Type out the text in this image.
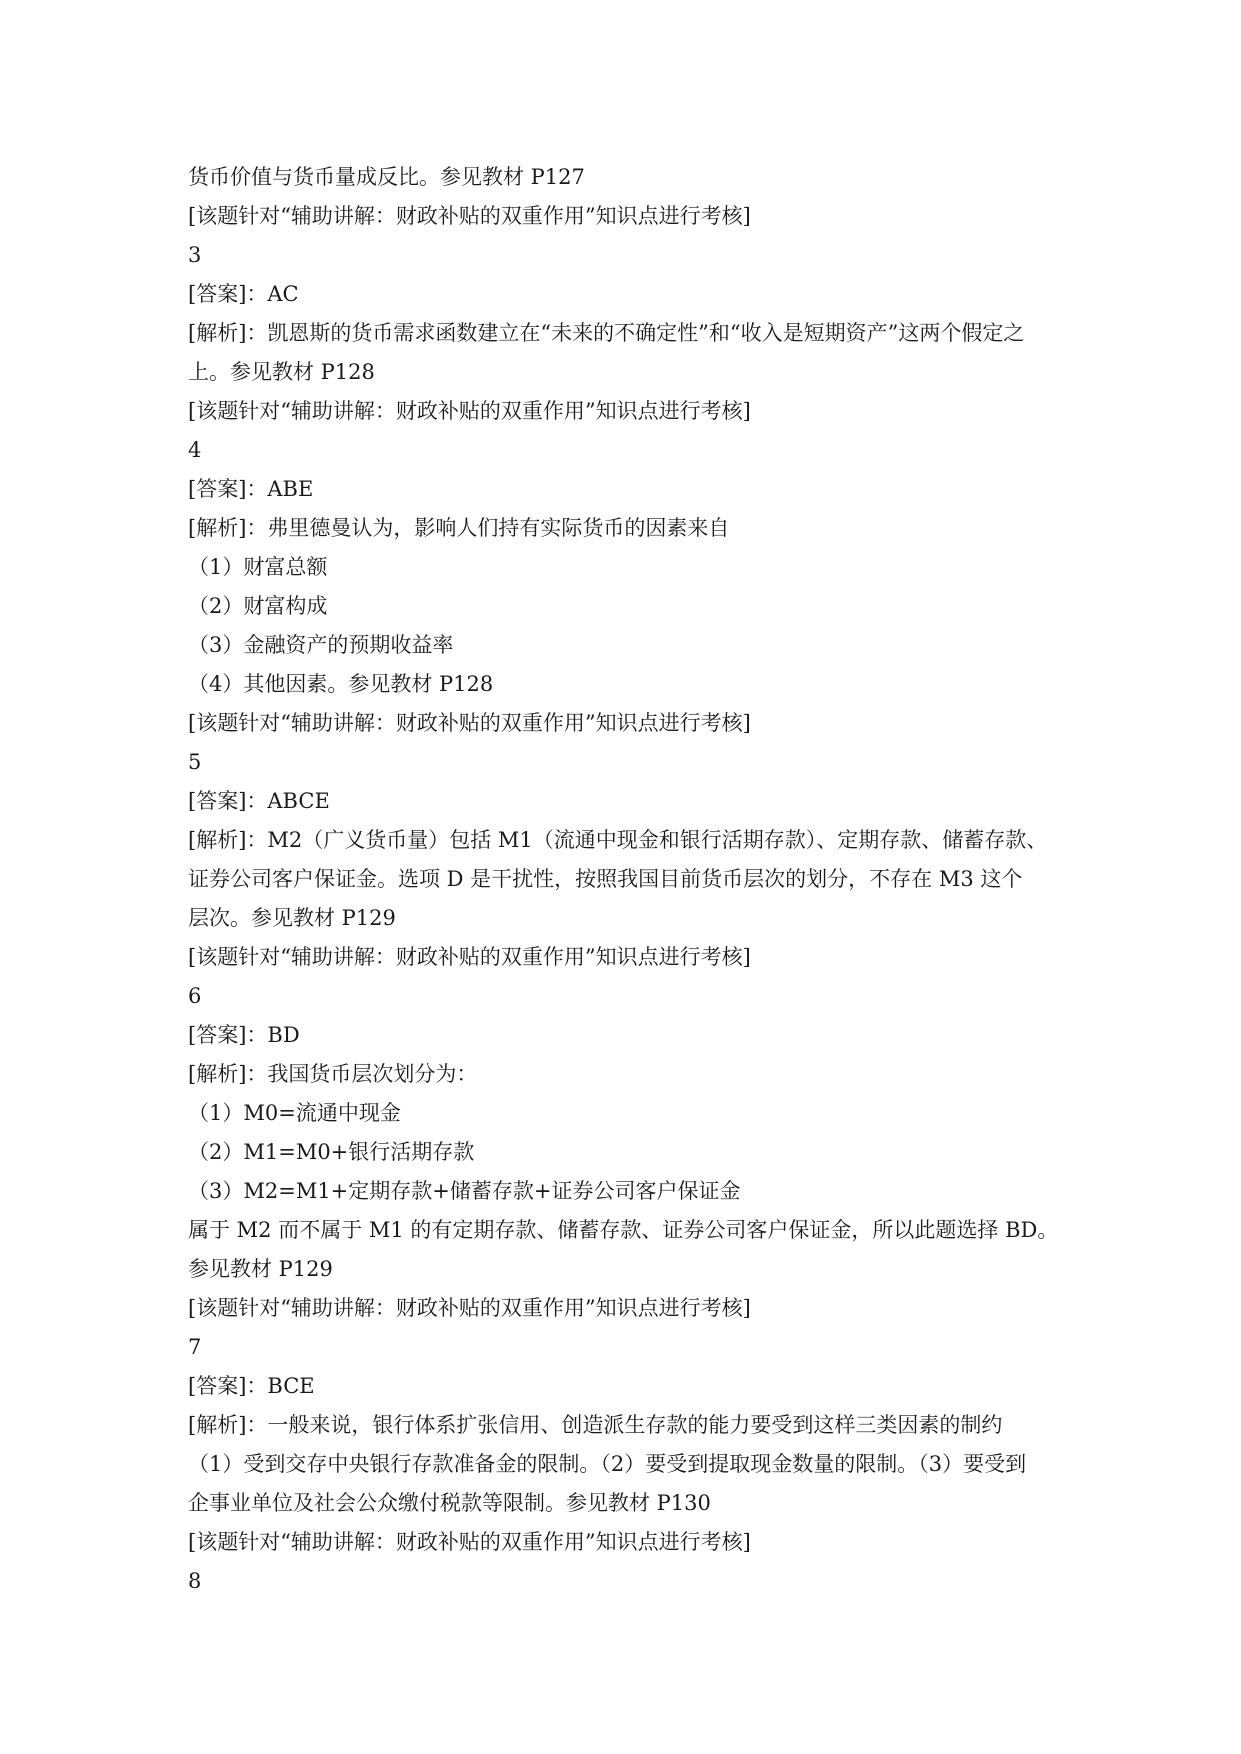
货币价值与货币量成反比。参见教材 P127
[该题针对“辅助讲解：财政补贴的双重作用”知识点进行考核]
3
[答案]：AC
[解析]：凯恩斯的货币需求函数建立在“未来的不确定性”和“收入是短期资产”这两个假定之
上。参见教材 P128
[该题针对“辅助讲解：财政补贴的双重作用”知识点进行考核]
4
[答案]：ABE
[解析]：弗里德曼认为，影响人们持有实际货币的因素来自
（1）财富总额
（2）财富构成
（3）金融资产的预期收益率
（4）其他因素。参见教材 P128
[该题针对“辅助讲解：财政补贴的双重作用”知识点进行考核]
5
[答案]：ABCE
[解析]：M2（广义货币量）包括 M1（流通中现金和银行活期存款）、定期存款、储蓄存款、
证券公司客户保证金。选项 D 是干扰性，按照我国目前货币层次的划分，不存在 M3 这个
层次。参见教材 P129
[该题针对“辅助讲解：财政补贴的双重作用”知识点进行考核]
6
[答案]：BD
[解析]：我国货币层次划分为：
（1）M0=流通中现金
（2）M1=M0+银行活期存款
（3）M2=M1+定期存款+储蓄存款+证券公司客户保证金
属于 M2 而不属于 M1 的有定期存款、储蓄存款、证券公司客户保证金，所以此题选择 BD。
参见教材 P129
[该题针对“辅助讲解：财政补贴的双重作用”知识点进行考核]
7
[答案]：BCE
[解析]：一般来说，银行体系扩张信用、创造派生存款的能力要受到这样三类因素的制约
（1）受到交存中央银行存款准备金的限制。（2）要受到提取现金数量的限制。（3）要受到
企事业单位及社会公众缴付税款等限制。参见教材 P130
[该题针对“辅助讲解：财政补贴的双重作用”知识点进行考核]
8
